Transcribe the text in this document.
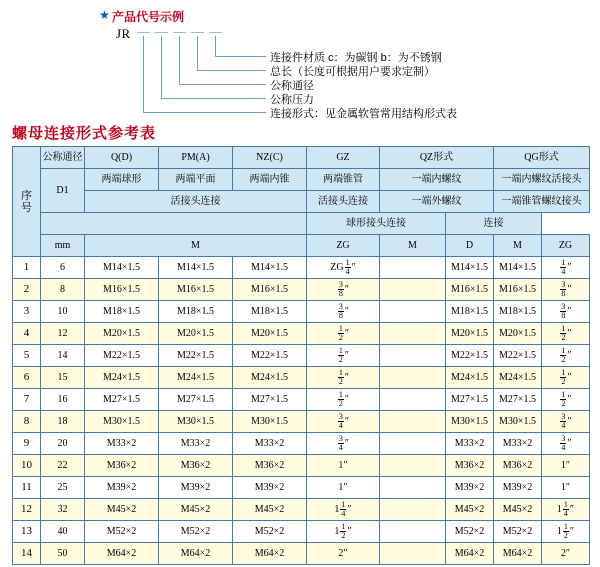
★ 产品代号示例
JR
连接件材质 c：为碳钢 b：为不锈钢
总长（长度可根据用户要求定制）
公称通径
公称压力
连接形式：见金属软管常用结构形式表
螺母连接形式参考表
序
号	公称通径	Q(D)	PM(A)	NZ(C)	GZ	QZ形式		QG形式	
	D1	两端球形	两端平面	两端内锥	两端锥管	一端内螺纹		一端内螺纹活接头	
		活接头连接			活接头连接	一端外螺纹		一端锥管螺纹接头	
					球形接头连接		连接		
	mm	M			ZG	M	D	M	ZG
1	6	M14×1.5	M14×1.5	M14×1.5	ZG $\frac{1}{4}$ ″		M14×1.5	M14×1.5	$\frac{1}{4}$ ″
2	8	M16×1.5	M16×1.5	M16×1.5	$\frac{3}{8}$ ″		M16×1.5	M16×1.5	$\frac{3}{8}$ ″
3	10	M18×1.5	M18×1.5	M18×1.5	$\frac{3}{8}$ ″		M18×1.5	M18×1.5	$\frac{3}{8}$ ″
4	12	M20×1.5	M20×1.5	M20×1.5	$\frac{1}{2}$ ″		M20×1.5	M20×1.5	$\frac{1}{2}$ ″
5	14	M22×1.5	M22×1.5	M22×1.5	$\frac{1}{2}$ ″		M22×1.5	M22×1.5	$\frac{1}{2}$ ″
6	15	M24×1.5	M24×1.5	M24×1.5	$\frac{1}{2}$ ″		M24×1.5	M24×1.5	$\frac{1}{2}$ ″
7	16	M27×1.5	M27×1.5	M27×1.5	$\frac{1}{2}$ ″		M27×1.5	M27×1.5	$\frac{1}{2}$ ″
8	18	M30×1.5	M30×1.5	M30×1.5	$\frac{3}{4}$ ″		M30×1.5	M30×1.5	$\frac{3}{4}$ ″
9	20	M33×2	M33×2	M33×2	$\frac{3}{4}$ ″		M33×2	M33×2	$\frac{3}{4}$ ″
10	22	M36×2	M36×2	M36×2	1″		M36×2	M36×2	1″
11	25	M39×2	M39×2	M39×2	1″		M39×2	M39×2	1″
12	32	M45×2	M45×2	M45×2	$1 \frac{1}{4}$ ″		M45×2	M45×2	$1 \frac{1}{4}$ ″
13	40	M52×2	M52×2	M52×2	$1 \frac{1}{2}$ ″		M52×2	M52×2	$1 \frac{1}{2}$ ″
14	50	M64×2	M64×2	M64×2	2″		M64×2	M64×2	2″
